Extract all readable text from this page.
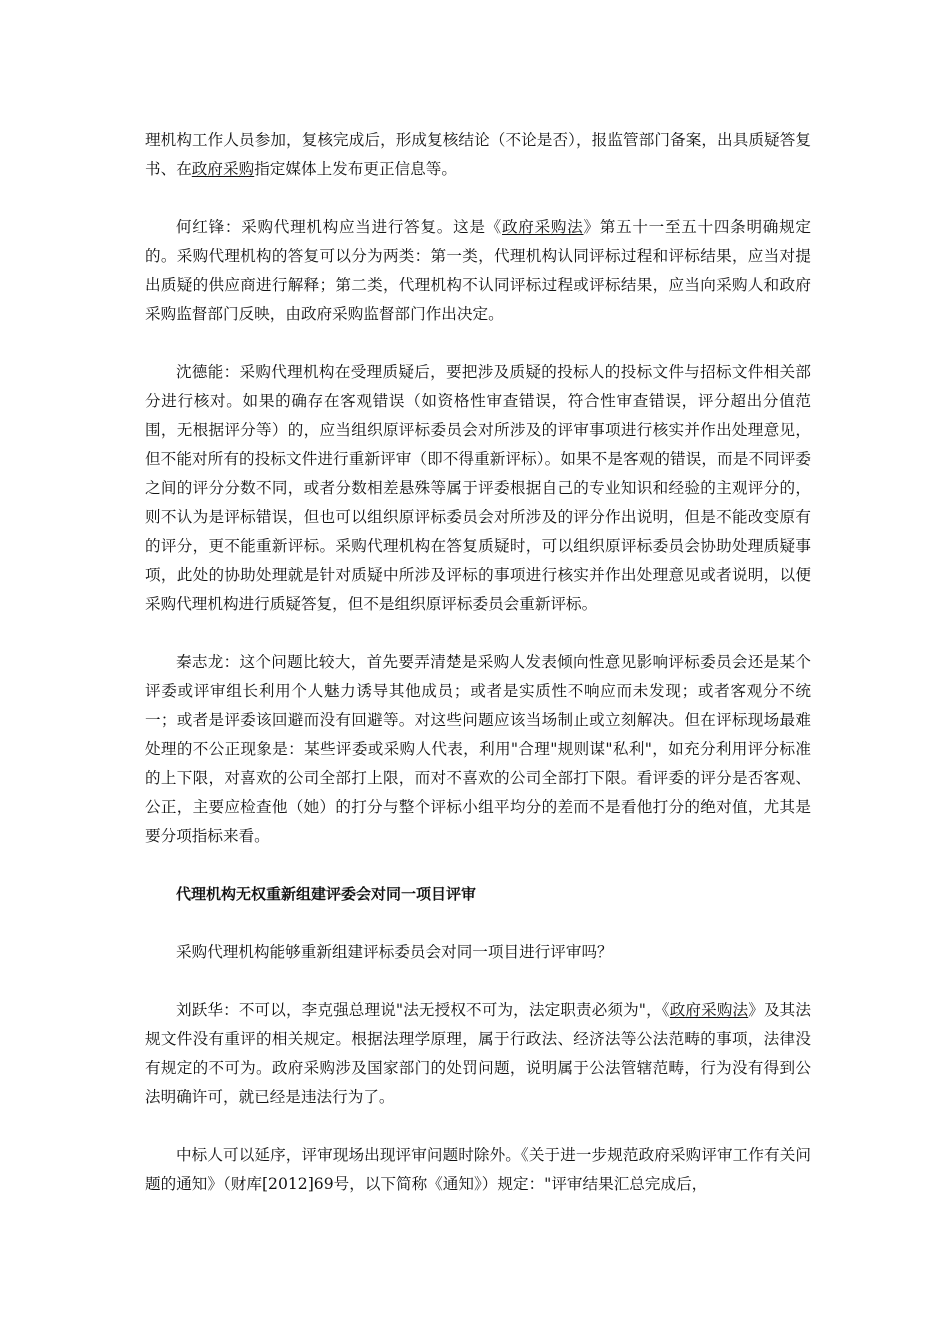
理机构工作人员参加，复核完成后，形成复核结论（不论是否），报监管部门备案，出具质疑答复书、在政府采购指定媒体上发布更正信息等。

何红锋：采购代理机构应当进行答复。这是《政府采购法》第五十一至五十四条明确规定的。采购代理机构的答复可以分为两类：第一类，代理机构认同评标过程和评标结果，应当对提出质疑的供应商进行解释；第二类，代理机构不认同评标过程或评标结果，应当向采购人和政府采购监督部门反映，由政府采购监督部门作出决定。

沈德能：采购代理机构在受理质疑后，要把涉及质疑的投标人的投标文件与招标文件相关部分进行核对。如果的确存在客观错误（如资格性审查错误，符合性审查错误，评分超出分值范围，无根据评分等）的，应当组织原评标委员会对所涉及的评审事项进行核实并作出处理意见，但不能对所有的投标文件进行重新评审（即不得重新评标）。如果不是客观的错误，而是不同评委之间的评分分数不同，或者分数相差悬殊等属于评委根据自己的专业知识和经验的主观评分的，则不认为是评标错误，但也可以组织原评标委员会对所涉及的评分作出说明，但是不能改变原有的评分，更不能重新评标。采购代理机构在答复质疑时，可以组织原评标委员会协助处理质疑事项，此处的协助处理就是针对质疑中所涉及评标的事项进行核实并作出处理意见或者说明，以便采购代理机构进行质疑答复，但不是组织原评标委员会重新评标。

秦志龙：这个问题比较大，首先要弄清楚是采购人发表倾向性意见影响评标委员会还是某个评委或评审组长利用个人魅力诱导其他成员；或者是实质性不响应而未发现；或者客观分不统一；或者是评委该回避而没有回避等。对这些问题应该当场制止或立刻解决。但在评标现场最难处理的不公正现象是：某些评委或采购人代表，利用"合理"规则谋"私利"，如充分利用评分标准的上下限，对喜欢的公司全部打上限，而对不喜欢的公司全部打下限。看评委的评分是否客观、公正，主要应检查他（她）的打分与整个评标小组平均分的差而不是看他打分的绝对值，尤其是要分项指标来看。

代理机构无权重新组建评委会对同一项目评审

采购代理机构能够重新组建评标委员会对同一项目进行评审吗？

刘跃华：不可以，李克强总理说"法无授权不可为，法定职责必须为"，《政府采购法》及其法规文件没有重评的相关规定。根据法理学原理，属于行政法、经济法等公法范畴的事项，法律没有规定的不可为。政府采购涉及国家部门的处罚问题，说明属于公法管辖范畴，行为没有得到公法明确许可，就已经是违法行为了。

中标人可以延序，评审现场出现评审问题时除外。《关于进一步规范政府采购评审工作有关问题的通知》（财库[2012]69号，以下简称《通知》）规定："评审结果汇总完成后，
